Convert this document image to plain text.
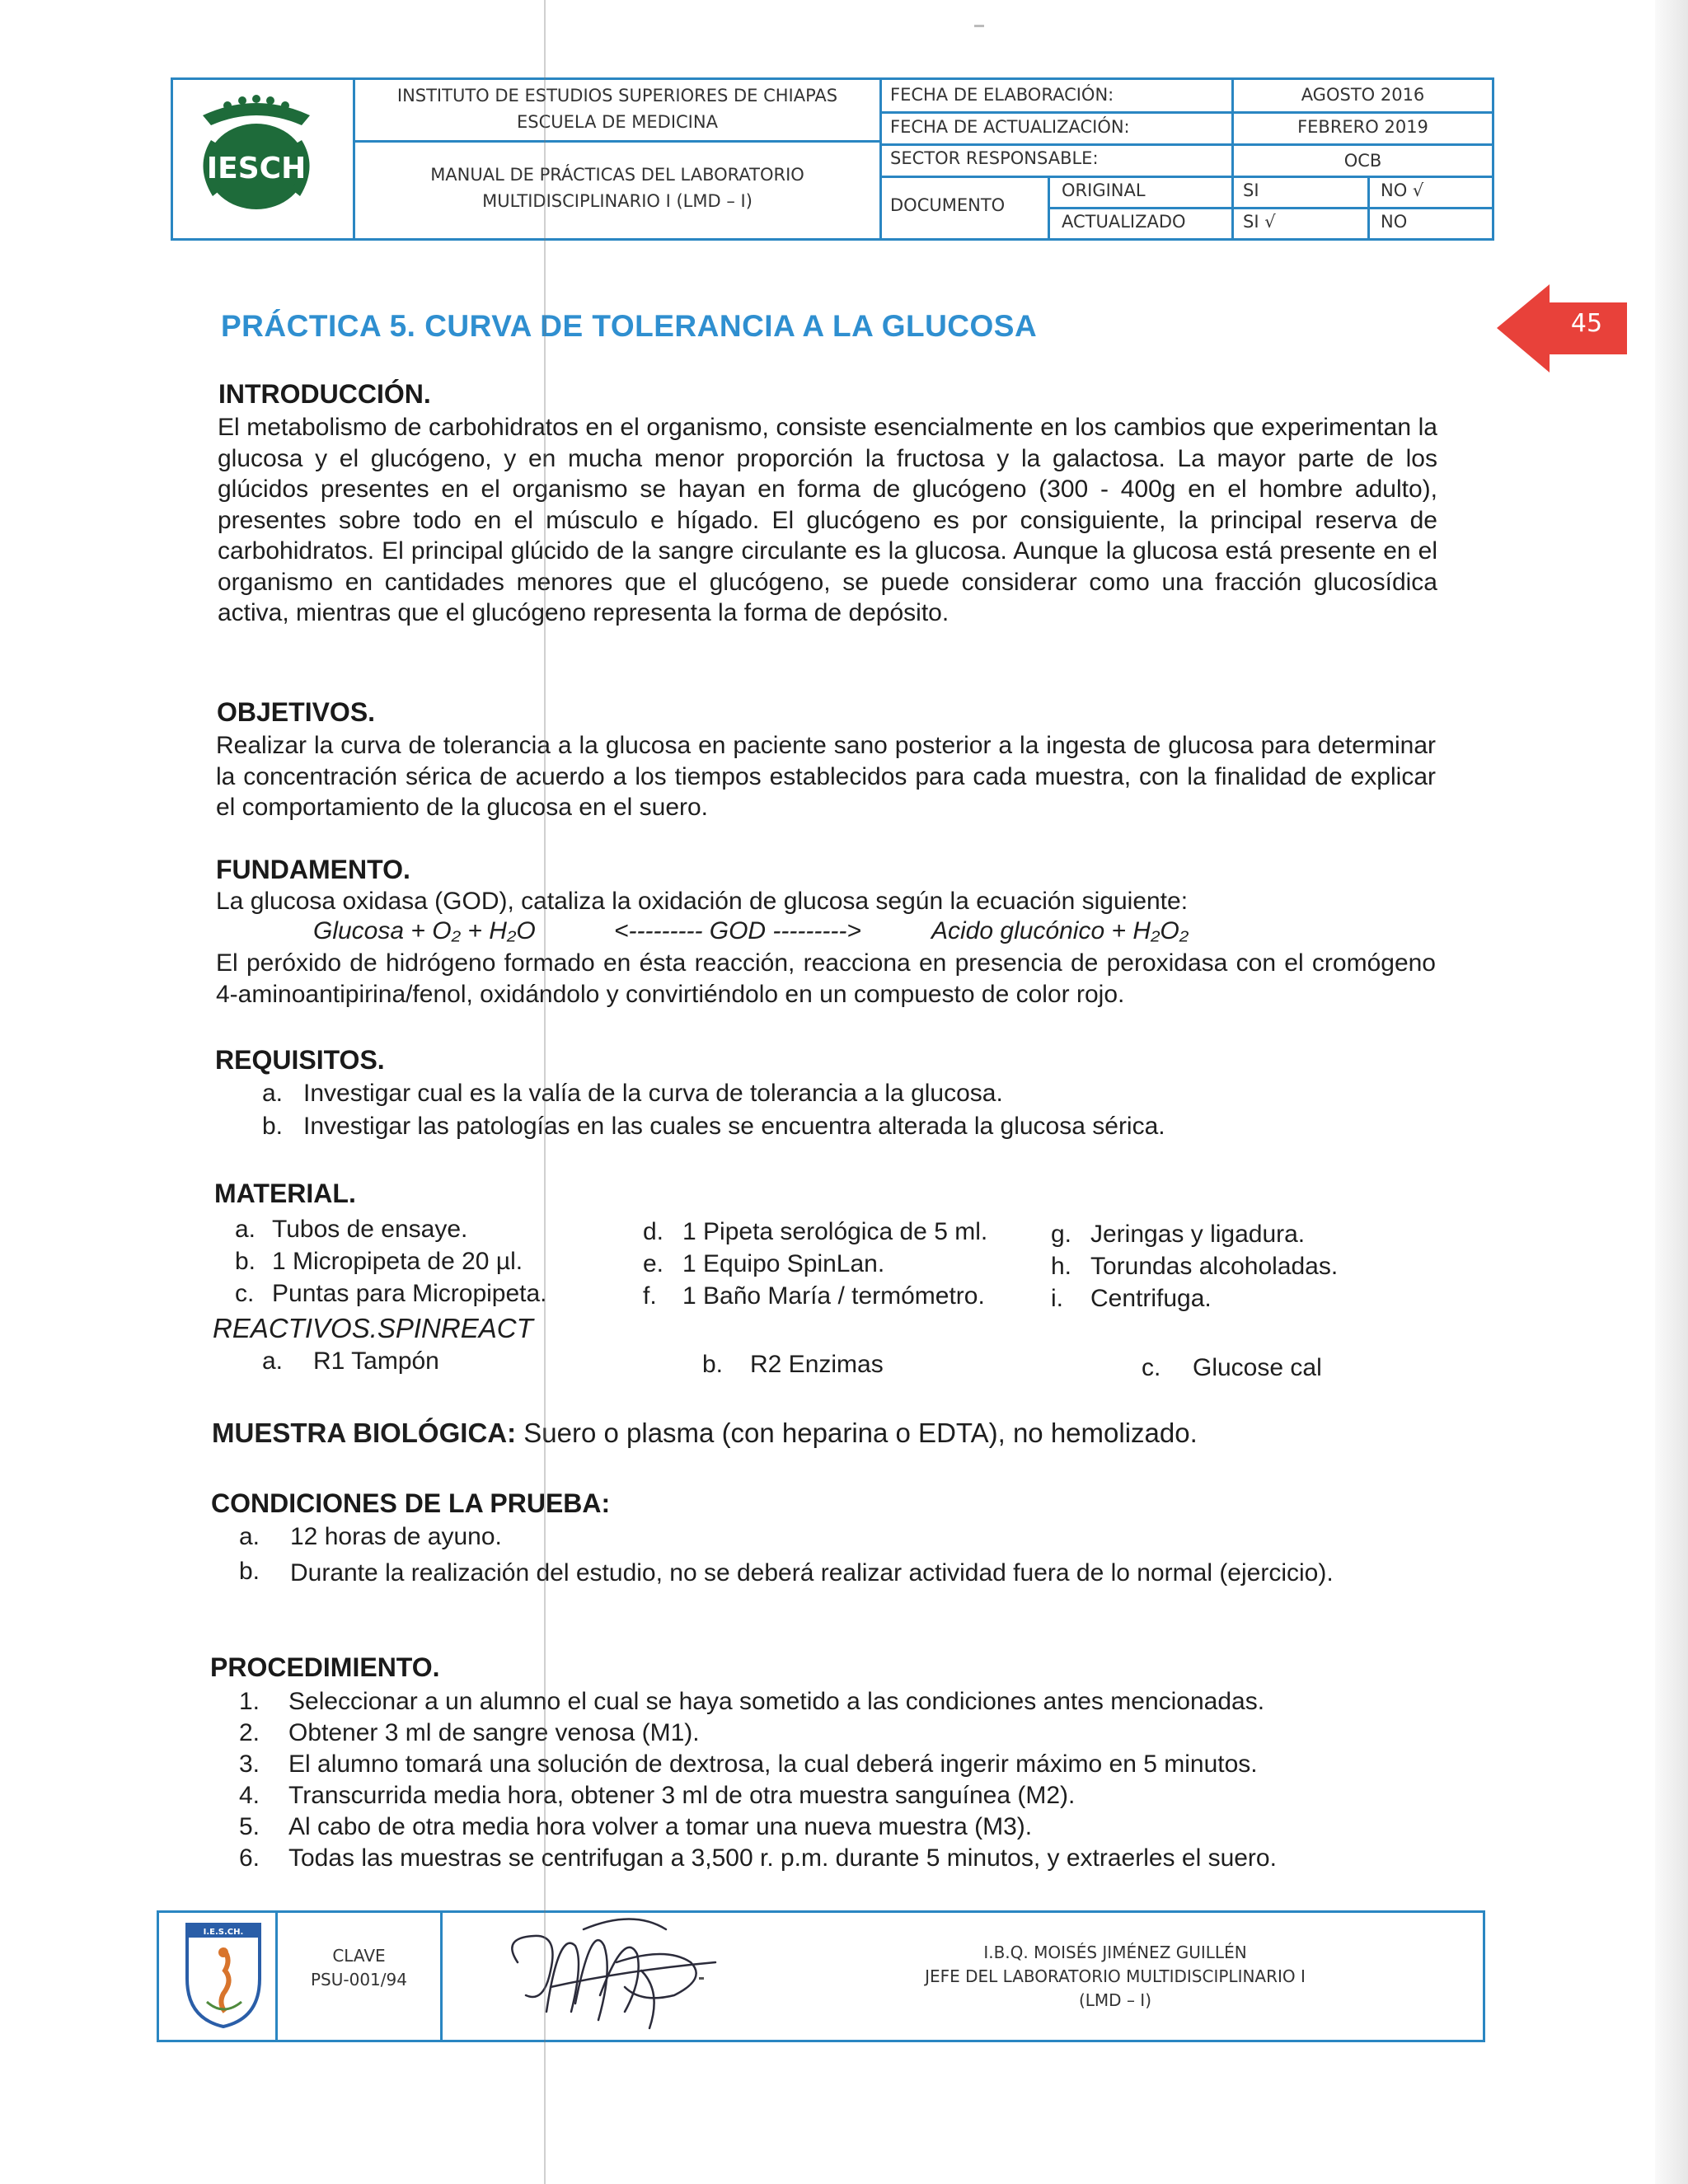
INSTITUTO DE ESTUDIOS SUPERIORES DE CHIAPAS
ESCUELA DE MEDICINA
MANUAL DE PRÁCTICAS DEL LABORATORIO
MULTIDISCIPLINARIO I (LMD – I)
FECHA DE ELABORACIÓN:	AGOSTO 2016
FECHA DE ACTUALIZACIÓN:	FEBRERO 2019
SECTOR RESPONSABLE:	OCB
DOCUMENTO
ORIGINAL	SI	NO √
ACTUALIZADO	SI √	NO
IESCH
45
PRÁCTICA 5. CURVA DE TOLERANCIA A LA GLUCOSA
INTRODUCCIÓN.
El metabolismo de carbohidratos en el organismo, consiste esencialmente en los cambios que experimentan la glucosa y el glucógeno, y en mucha menor proporción la fructosa y la galactosa. La mayor parte de los glúcidos presentes en el organismo se hayan en forma de glucógeno (300 - 400g en el hombre adulto), presentes sobre todo en el músculo e hígado. El glucógeno es por consiguiente, la principal reserva de carbohidratos. El principal glúcido de la sangre circulante es la glucosa. Aunque la glucosa está presente en el organismo en cantidades menores que el glucógeno, se puede considerar como una fracción glucosídica activa, mientras que el glucógeno representa la forma de depósito.
OBJETIVOS.
Realizar la curva de tolerancia a la glucosa en paciente sano posterior a la ingesta de glucosa para determinar la concentración sérica de acuerdo a los tiempos establecidos para cada muestra, con la finalidad de explicar el comportamiento de la glucosa en el suero.
FUNDAMENTO.
La glucosa oxidasa (GOD), cataliza la oxidación de glucosa según la ecuación siguiente:
Glucosa + O₂ + H₂O	<--------- GOD --------->	Acido glucónico + H₂O₂
El peróxido de hidrógeno formado en ésta reacción, reacciona en presencia de peroxidasa con el cromógeno 4-aminoantipirina/fenol, oxidándolo y convirtiéndolo en un compuesto de color rojo.
REQUISITOS.
a. Investigar cual es la valía de la curva de tolerancia a la glucosa.
b. Investigar las patologías en las cuales se encuentra alterada la glucosa sérica.
MATERIAL.
a. Tubos de ensaye.
b. 1 Micropipeta de 20 µl.
c. Puntas para Micropipeta.
d. 1 Pipeta serológica de 5 ml.
e. 1 Equipo SpinLan.
f. 1 Baño María / termómetro.
g. Jeringas y ligadura.
h. Torundas alcoholadas.
i. Centrifuga.
REACTIVOS.SPINREACT
a. R1 Tampón	b. R2 Enzimas	c. Glucose cal
MUESTRA BIOLÓGICA: Suero o plasma (con heparina o EDTA), no hemolizado.
CONDICIONES DE LA PRUEBA:
a. 12 horas de ayuno.
b. Durante la realización del estudio, no se deberá realizar actividad fuera de lo normal (ejercicio).
PROCEDIMIENTO.
1. Seleccionar a un alumno el cual se haya sometido a las condiciones antes mencionadas.
2. Obtener 3 ml de sangre venosa (M1).
3. El alumno tomará una solución de dextrosa, la cual deberá ingerir máximo en 5 minutos.
4. Transcurrida media hora, obtener 3 ml de otra muestra sanguínea (M2).
5. Al cabo de otra media hora volver a tomar una nueva muestra (M3).
6. Todas las muestras se centrifugan a 3,500 r. p.m. durante 5 minutos, y extraerles el suero.
I.E.S.CH.
CLAVE
PSU-001/94
I.B.Q. MOISÉS JIMÉNEZ GUILLÉN
JEFE DEL LABORATORIO MULTIDISCIPLINARIO I
(LMD – I)
